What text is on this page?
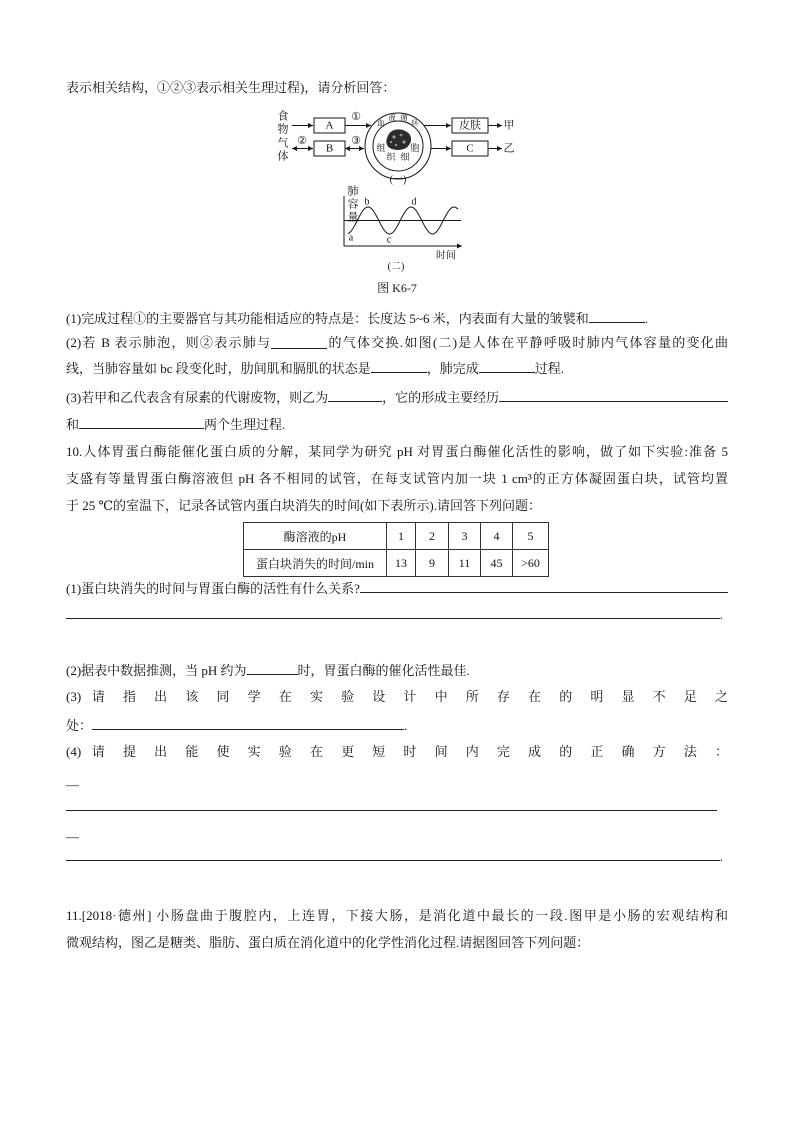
表示相关结构，①②③表示相关生理过程)，请分析回答：
A
B
①
②	③
皮肤
C
甲
乙
血
液 循
环
组
织 细
胞
(一)
a
b
c
d
时间
(二)
食物
气体
肺容量
图 K6-7
(1)完成过程①的主要器官与其功能相适应的特点是：长度达 5~6 米，内表面有大量的皱襞和	.
(2)若 B 表示肺泡，则②表示肺与	的气体交换.如图(二)是人体在平静呼吸时肺内气体容量的变化曲
线，当肺容量如 bc 段变化时，肋间肌和膈肌的状态是	，肺完成	过程.
(3)若甲和乙代表含有尿素的代谢废物，则乙为	，它的形成主要经历
和	两个生理过程.
10.人体胃蛋白酶能催化蛋白质的分解，某同学为研究 pH 对胃蛋白酶催化活性的影响，做了如下实验:准备 5
支盛有等量胃蛋白酶溶液但 pH 各不相同的试管，在每支试管内加一块 1 cm³的正方体凝固蛋白块，试管均置
于 25 ℃的室温下，记录各试管内蛋白块消失的时间(如下表所示).请回答下列问题：
酶溶液的pH	1	2	3	4	5
蛋白块消失的时间/min	13	9	11	45	>60
(1)蛋白块消失的时间与胃蛋白酶的活性有什么关系?
.
(2)据表中数据推测，当 pH 约为	时，胃蛋白酶的催化活性最佳.
(3) 请 指 出 该 同 学 在 实 验 设 计 中 所 存 在 的 明 显 不 足 之
处：	.
(4) 请 提 出 能 使 实 验 在 更 短 时 间 内 完 成 的 正 确 方 法 ：
—
—
.
11.[2018·德州] 小肠盘曲于腹腔内，上连胃，下接大肠，是消化道中最长的一段.图甲是小肠的宏观结构和
微观结构，图乙是糖类、脂肪、蛋白质在消化道中的化学性消化过程.请据图回答下列问题：
